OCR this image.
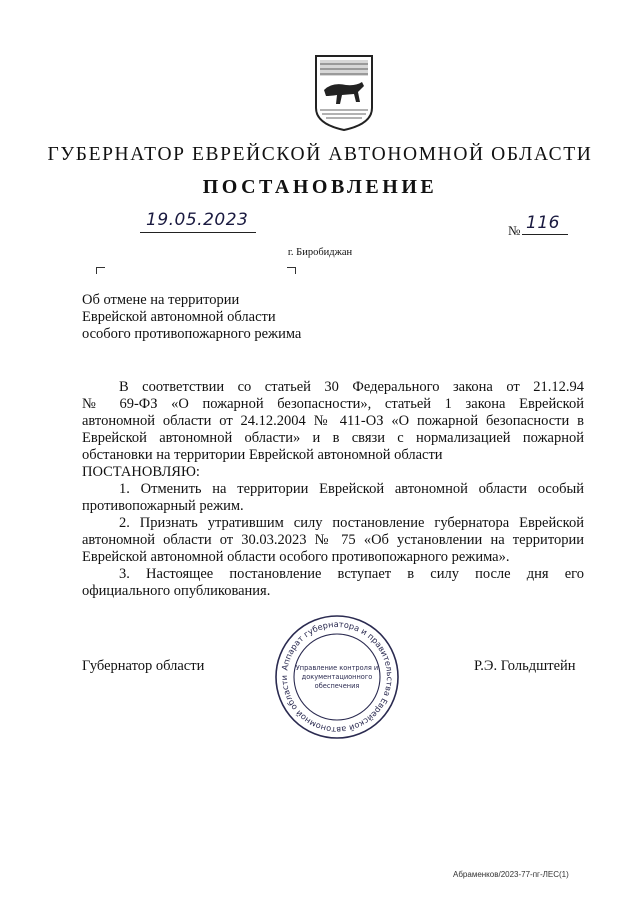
ГУБЕРНАТОР ЕВРЕЙСКОЙ АВТОНОМНОЙ ОБЛАСТИ
ПОСТАНОВЛЕНИЕ
19.05.2023
№ 116
г. Биробиджан
Об отмене на территории
Еврейской автономной области
особого противопожарного режима

В соответствии со статьей 30 Федерального закона от 21.12.94

№ 69-ФЗ «О пожарной безопасности», статьей 1 закона Еврейской

автономной области от 24.12.2004 № 411-ОЗ «О пожарной безопасности в

Еврейской автономной области» и в связи с нормализацией пожарной

обстановки на территории Еврейской автономной области

ПОСТАНОВЛЯЮ:

1. Отменить на территории Еврейской автономной области особый

противопожарный режим.

2. Признать утратившим силу постановление губернатора Еврейской

автономной области от 30.03.2023 № 75 «Об установлении на территории

Еврейской автономной области особого противопожарного режима».

3. Настоящее постановление вступает в силу после дня его

официального опубликования.

Губернатор области	Р.Э. Гольдштейн
Аппарат губернатора и правительства Еврейской автономной области
Управление контроля и
документационного
обеспечения
Абраменков/2023-77-пг-ЛЕС(1)
